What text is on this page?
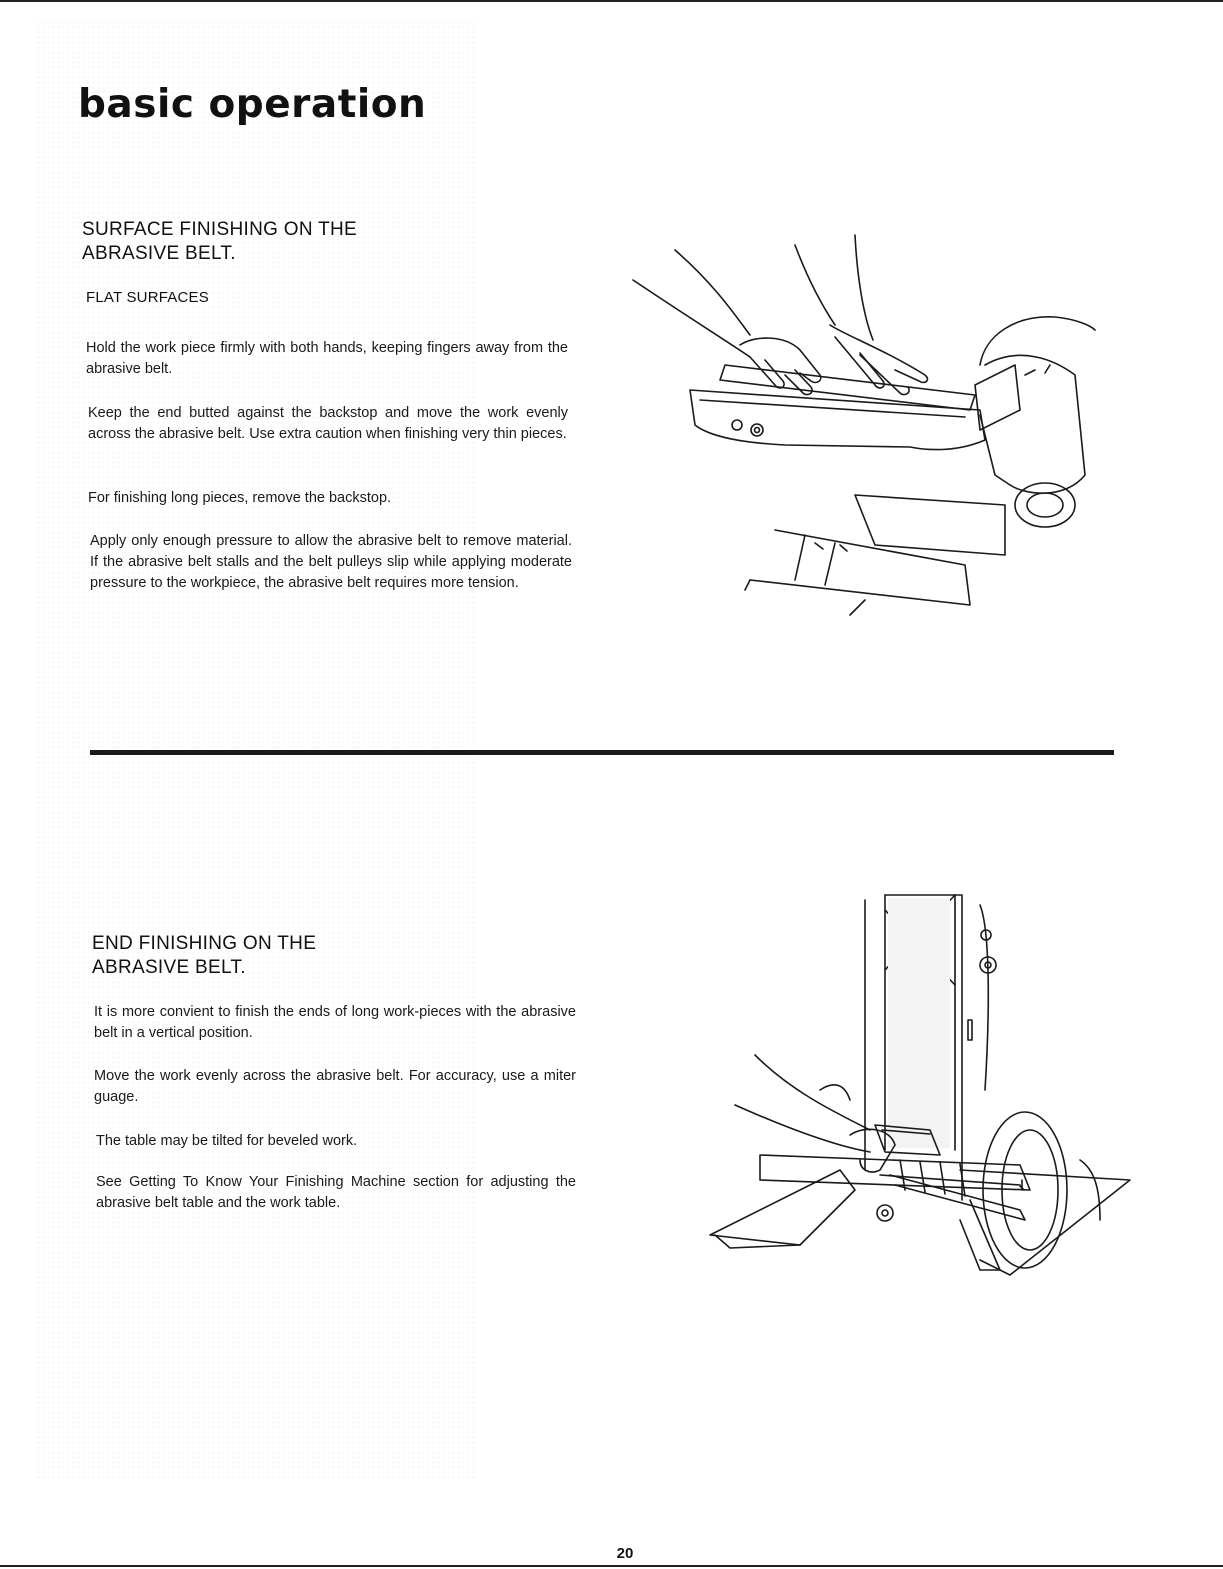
basic operation
SURFACE FINISHING ON THE
ABRASIVE BELT.
FLAT SURFACES

Hold the work piece firmly with both hands, keeping fingers away from the abrasive belt.

Keep the end butted against the backstop and move the work evenly across the abrasive belt. Use extra caution when finishing very thin pieces.

For finishing long pieces, remove the backstop.

Apply only enough pressure to allow the abrasive belt to remove material. If the abrasive belt stalls and the belt pulleys slip while applying moderate pressure to the workpiece, the abrasive belt requires more tension.

END FINISHING ON THE
ABRASIVE BELT.

It is more convient to finish the ends of long work-pieces with the abrasive belt in a vertical position.

Move the work evenly across the abrasive belt. For accuracy, use a miter guage.

The table may be tilted for beveled work.

See Getting To Know Your Finishing Machine section for adjusting the abrasive belt table and the work table.

20
